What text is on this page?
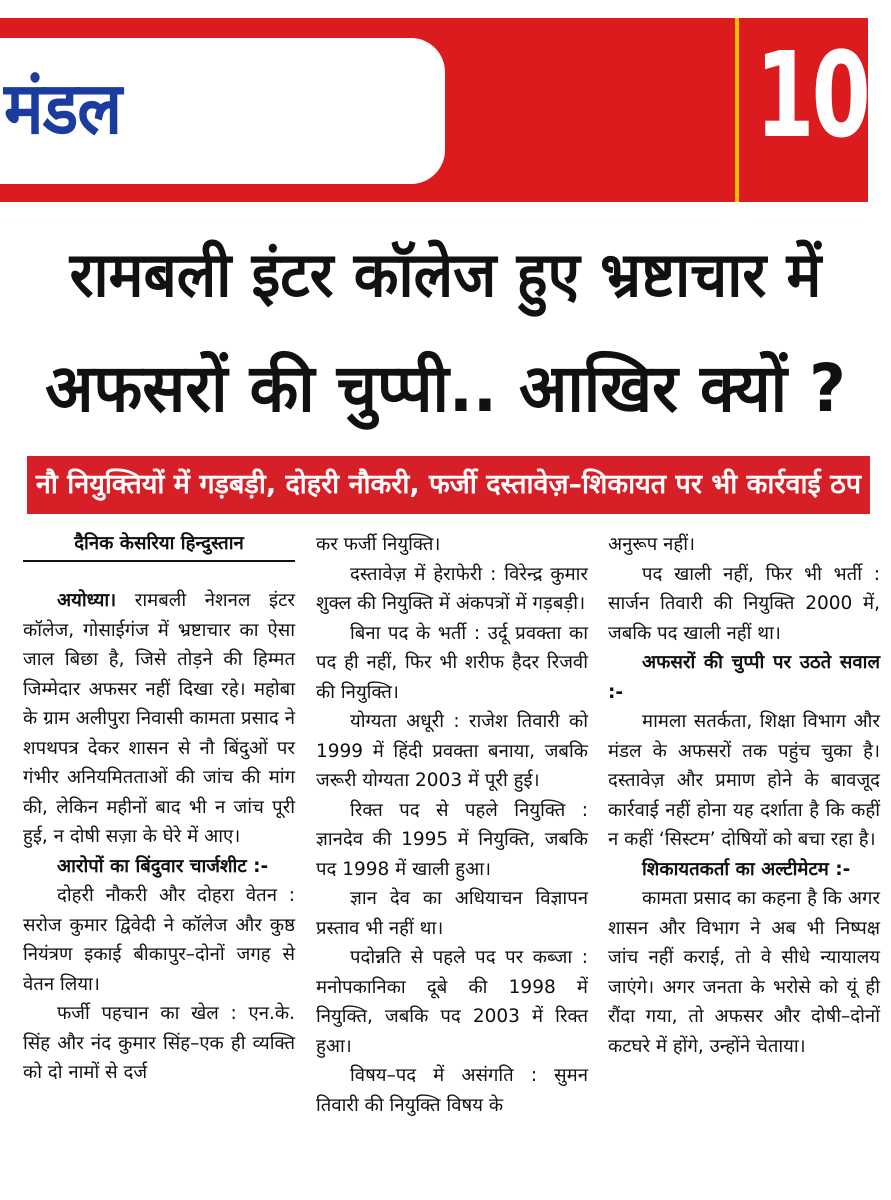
मंडल	10
रामबली इंटर कॉलेज हुए भ्रष्टाचार में
अफसरों की चुप्पी.. आखिर क्यों ?
नौ नियुक्तियों में गड़बड़ी, दोहरी नौकरी, फर्जी दस्तावेज़–शिकायत पर भी कार्रवाई ठप
दैनिक केसरिया हिन्दुस्तान

अयोध्या। रामबली नेशनल इंटर कॉलेज, गोसाईगंज में भ्रष्टाचार का ऐसा जाल बिछा है, जिसे तोड़ने की हिम्मत जिम्मेदार अफसर नहीं दिखा रहे। महोबा के ग्राम अलीपुरा निवासी कामता प्रसाद ने शपथपत्र देकर शासन से नौ बिंदुओं पर गंभीर अनियमितताओं की जांच की मांग की, लेकिन महीनों बाद भी न जांच पूरी हुई, न दोषी सज़ा के घेरे में आए।

आरोपों का बिंदुवार चार्जशीट :-

दोहरी नौकरी और दोहरा वेतन : सरोज कुमार द्विवेदी ने कॉलेज और कुष्ठ नियंत्रण इकाई बीकापुर–दोनों जगह से वेतन लिया।

फर्जी पहचान का खेल : एन.के. सिंह और नंद कुमार सिंह–एक ही व्यक्ति को दो नामों से दर्ज

कर फर्जी नियुक्ति।

दस्तावेज़ में हेराफेरी : विरेन्द्र कुमार शुक्ल की नियुक्ति में अंकपत्रों में गड़बड़ी।

बिना पद के भर्ती : उर्दू प्रवक्ता का पद ही नहीं, फिर भी शरीफ हैदर रिजवी की नियुक्ति।

योग्यता अधूरी : राजेश तिवारी को 1999 में हिंदी प्रवक्ता बनाया, जबकि जरूरी योग्यता 2003 में पूरी हुई।

रिक्त पद से पहले नियुक्ति : ज्ञानदेव की 1995 में नियुक्ति, जबकि पद 1998 में खाली हुआ।

ज्ञान देव का अधियाचन विज्ञापन प्रस्ताव भी नहीं था।

पदोन्नति से पहले पद पर कब्जा : मनोपकानिका दूबे की 1998 में नियुक्ति, जबकि पद 2003 में रिक्त हुआ।

विषय–पद में असंगति : सुमन तिवारी की नियुक्ति विषय के

अनुरूप नहीं।

पद खाली नहीं, फिर भी भर्ती : सार्जन तिवारी की नियुक्ति 2000 में, जबकि पद खाली नहीं था।

अफसरों की चुप्पी पर उठते सवाल :-

मामला सतर्कता, शिक्षा विभाग और मंडल के अफसरों तक पहुंच चुका है। दस्तावेज़ और प्रमाण होने के बावजूद कार्रवाई नहीं होना यह दर्शाता है कि कहीं न कहीं ‘सिस्टम’ दोषियों को बचा रहा है।

शिकायतकर्ता का अल्टीमेटम :-

कामता प्रसाद का कहना है कि अगर शासन और विभाग ने अब भी निष्पक्ष जांच नहीं कराई, तो वे सीधे न्यायालय जाएंगे। अगर जनता के भरोसे को यूं ही रौंदा गया, तो अफसर और दोषी–दोनों कटघरे में होंगे, उन्होंने चेताया।
